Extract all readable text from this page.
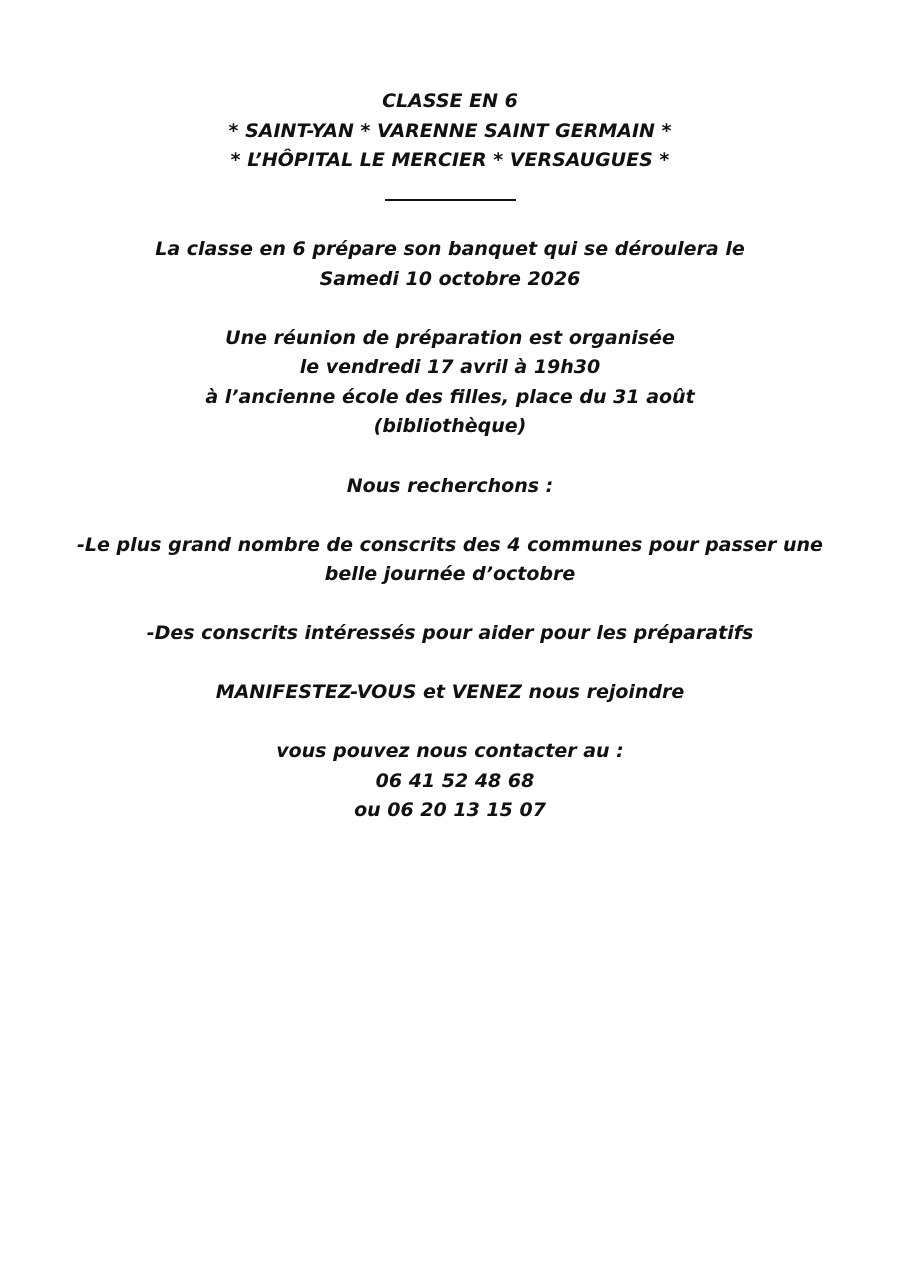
CLASSE EN 6
* SAINT-YAN * VARENNE SAINT GERMAIN *
* L’HÔPITAL LE MERCIER * VERSAUGUES *
La classe en 6 prépare son banquet qui se déroulera le
Samedi 10 octobre 2026
Une réunion de préparation est organisée
le vendredi 17 avril à 19h30
à l’ancienne école des filles, place du 31 août
(bibliothèque)
Nous recherchons :
-Le plus grand nombre de conscrits des 4 communes pour passer une
belle journée d’octobre
-Des conscrits intéressés pour aider pour les préparatifs
MANIFESTEZ-VOUS et VENEZ nous rejoindre
vous pouvez nous contacter au :
06 41 52 48 68
ou 06 20 13 15 07
